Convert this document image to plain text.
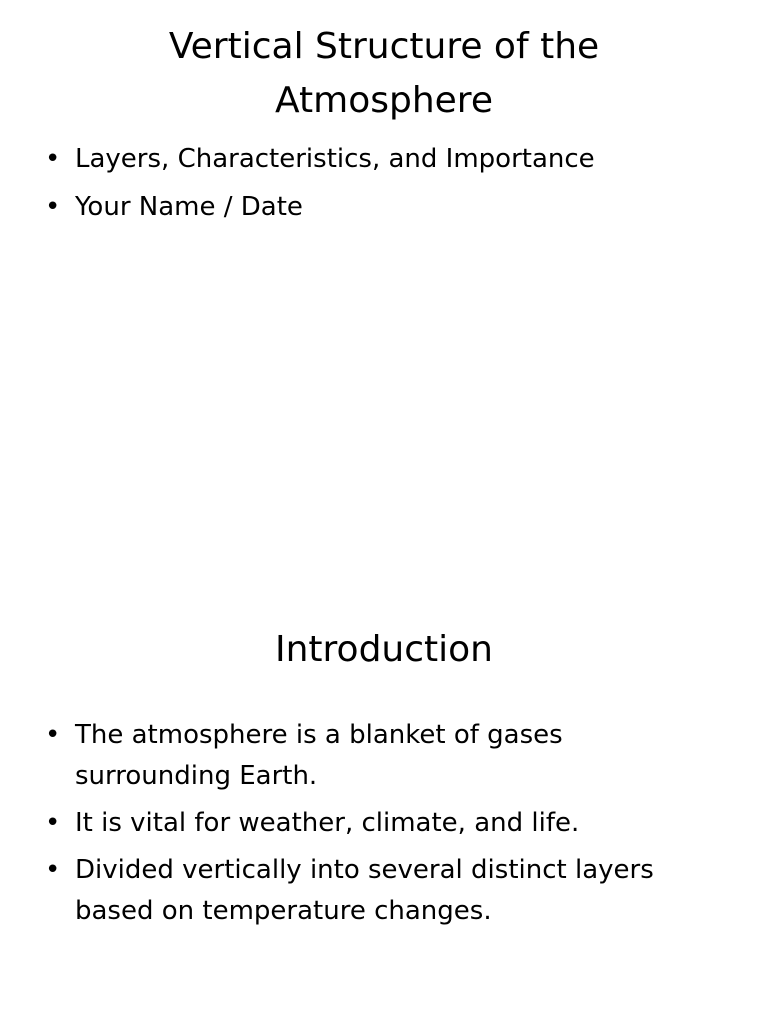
Vertical Structure of the Atmosphere
• Layers, Characteristics, and Importance
• Your Name / Date
Introduction
• The atmosphere is a blanket of gases surrounding Earth.
• It is vital for weather, climate, and life.
• Divided vertically into several distinct layers based on temperature changes.
